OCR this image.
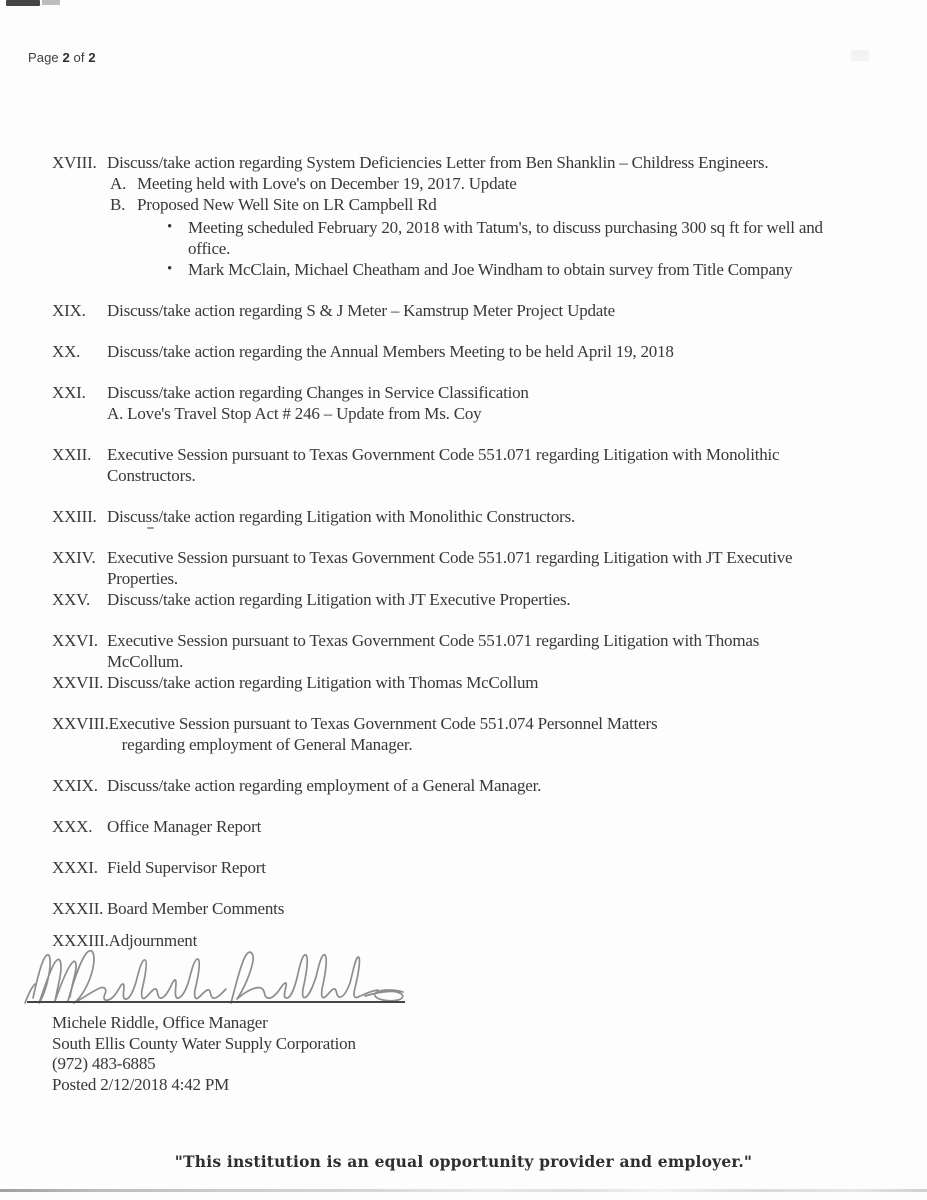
Page 2 of 2
XVIII. Discuss/take action regarding System Deficiencies Letter from Ben Shanklin – Childress Engineers.
A. Meeting held with Love's on December 19, 2017. Update
B. Proposed New Well Site on LR Campbell Rd
• Meeting scheduled February 20, 2018 with Tatum's, to discuss purchasing 300 sq ft for well and
office.
• Mark McClain, Michael Cheatham and Joe Windham to obtain survey from Title Company
XIX.	Discuss/take action regarding S & J Meter – Kamstrup Meter Project Update
XX.	Discuss/take action regarding the Annual Members Meeting to be held April 19, 2018
XXI.	Discuss/take action regarding Changes in Service Classification
A. Love's Travel Stop Act # 246 – Update from Ms. Coy
XXII. Executive Session pursuant to Texas Government Code 551.071 regarding Litigation with Monolithic
Constructors.
XXIII. Discuss/take action regarding Litigation with Monolithic Constructors.
XXIV. Executive Session pursuant to Texas Government Code 551.071 regarding Litigation with JT Executive
Properties.
XXV. Discuss/take action regarding Litigation with JT Executive Properties.
XXVI. Executive Session pursuant to Texas Government Code 551.071 regarding Litigation with Thomas
McCollum.
XXVII. Discuss/take action regarding Litigation with Thomas McCollum
XXVIII. Executive Session pursuant to Texas Government Code 551.074 Personnel Matters
regarding employment of General Manager.
XXIX. Discuss/take action regarding employment of a General Manager.
XXX. Office Manager Report
XXXI. Field Supervisor Report
XXXII. Board Member Comments
XXXIII. Adjournment
Michele Riddle, Office Manager
South Ellis County Water Supply Corporation
(972) 483-6885
Posted 2/12/2018 4:42 PM
"This institution is an equal opportunity provider and employer."
